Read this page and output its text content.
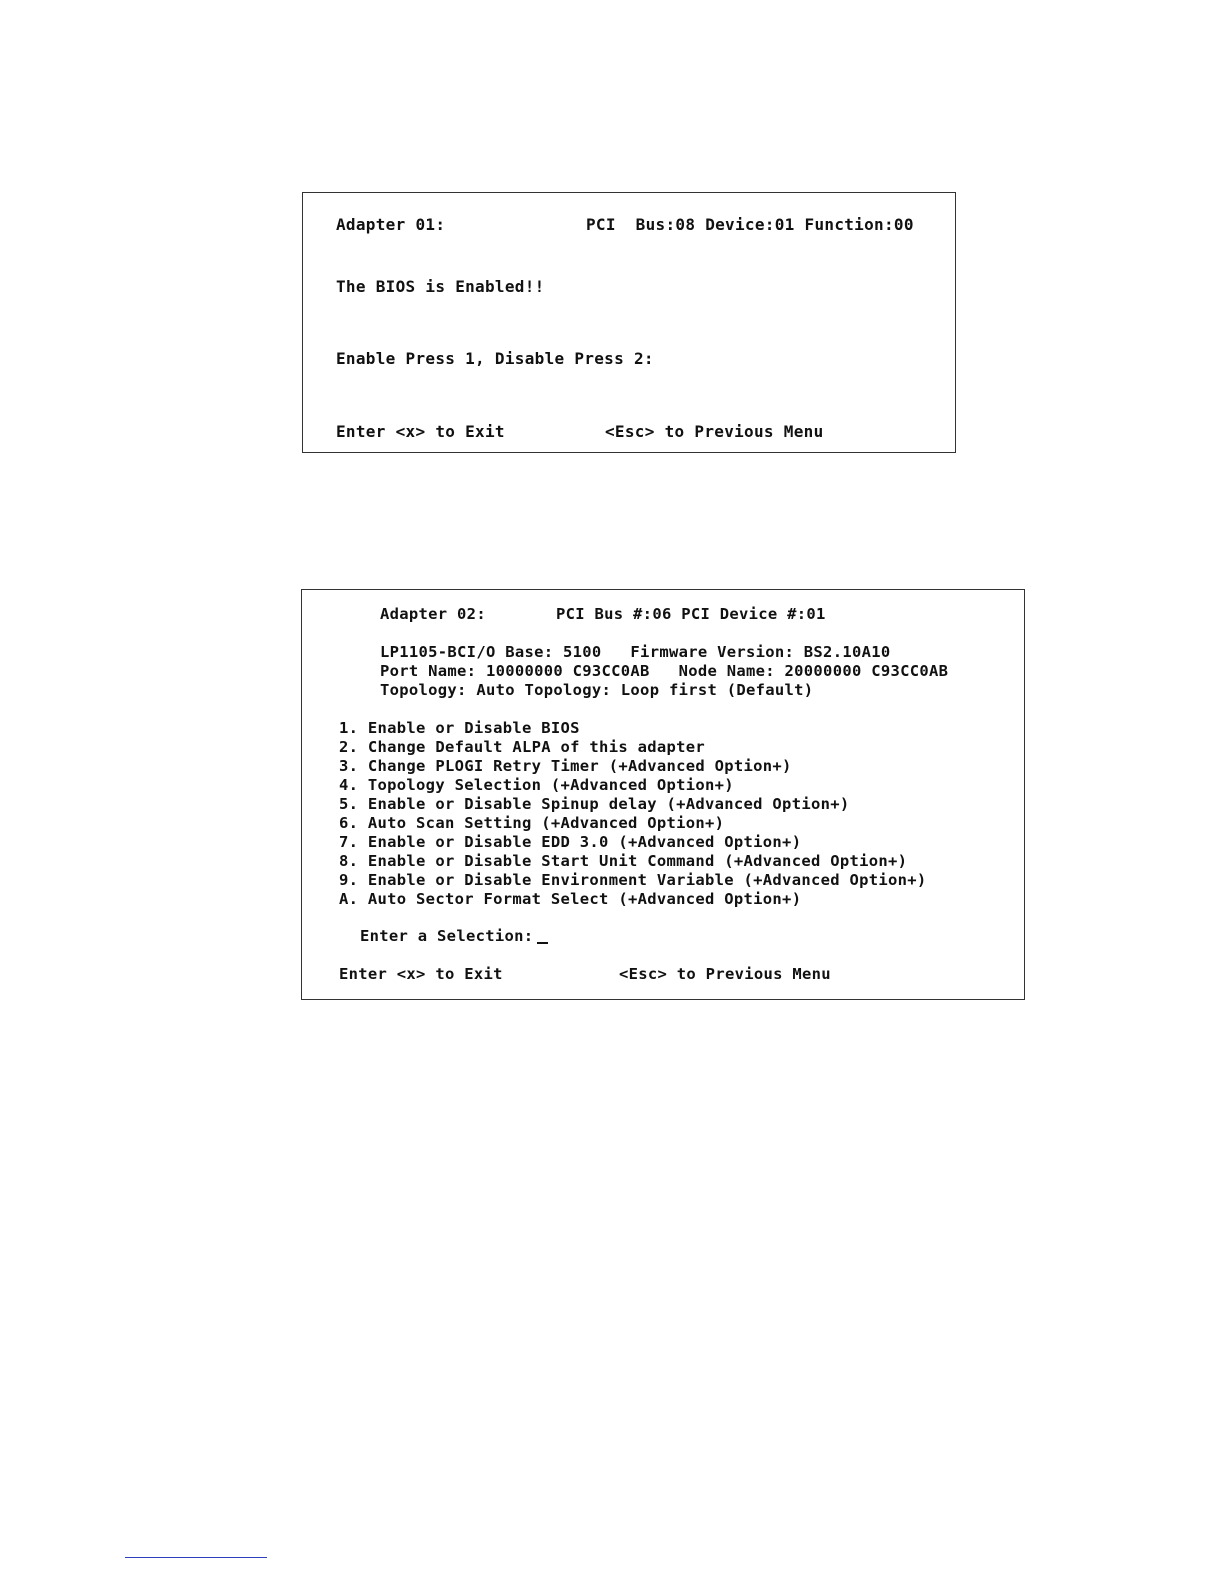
Adapter 01:	PCI  Bus:08 Device:01 Function:00
The BIOS is Enabled!!
Enable Press 1, Disable Press 2:
Enter <x> to Exit	<Esc> to Previous Menu
Adapter 02:	PCI Bus #:06 PCI Device #:01
LP1105-BCI/O Base: 5100   Firmware Version: BS2.10A10
Port Name: 10000000 C93CC0AB   Node Name: 20000000 C93CC0AB
Topology: Auto Topology: Loop first (Default)
1. Enable or Disable BIOS
2. Change Default ALPA of this adapter
3. Change PLOGI Retry Timer (+Advanced Option+)
4. Topology Selection (+Advanced Option+)
5. Enable or Disable Spinup delay (+Advanced Option+)
6. Auto Scan Setting (+Advanced Option+)
7. Enable or Disable EDD 3.0 (+Advanced Option+)
8. Enable or Disable Start Unit Command (+Advanced Option+)
9. Enable or Disable Environment Variable (+Advanced Option+)
A. Auto Sector Format Select (+Advanced Option+)
Enter a Selection:
Enter <x> to Exit	<Esc> to Previous Menu
